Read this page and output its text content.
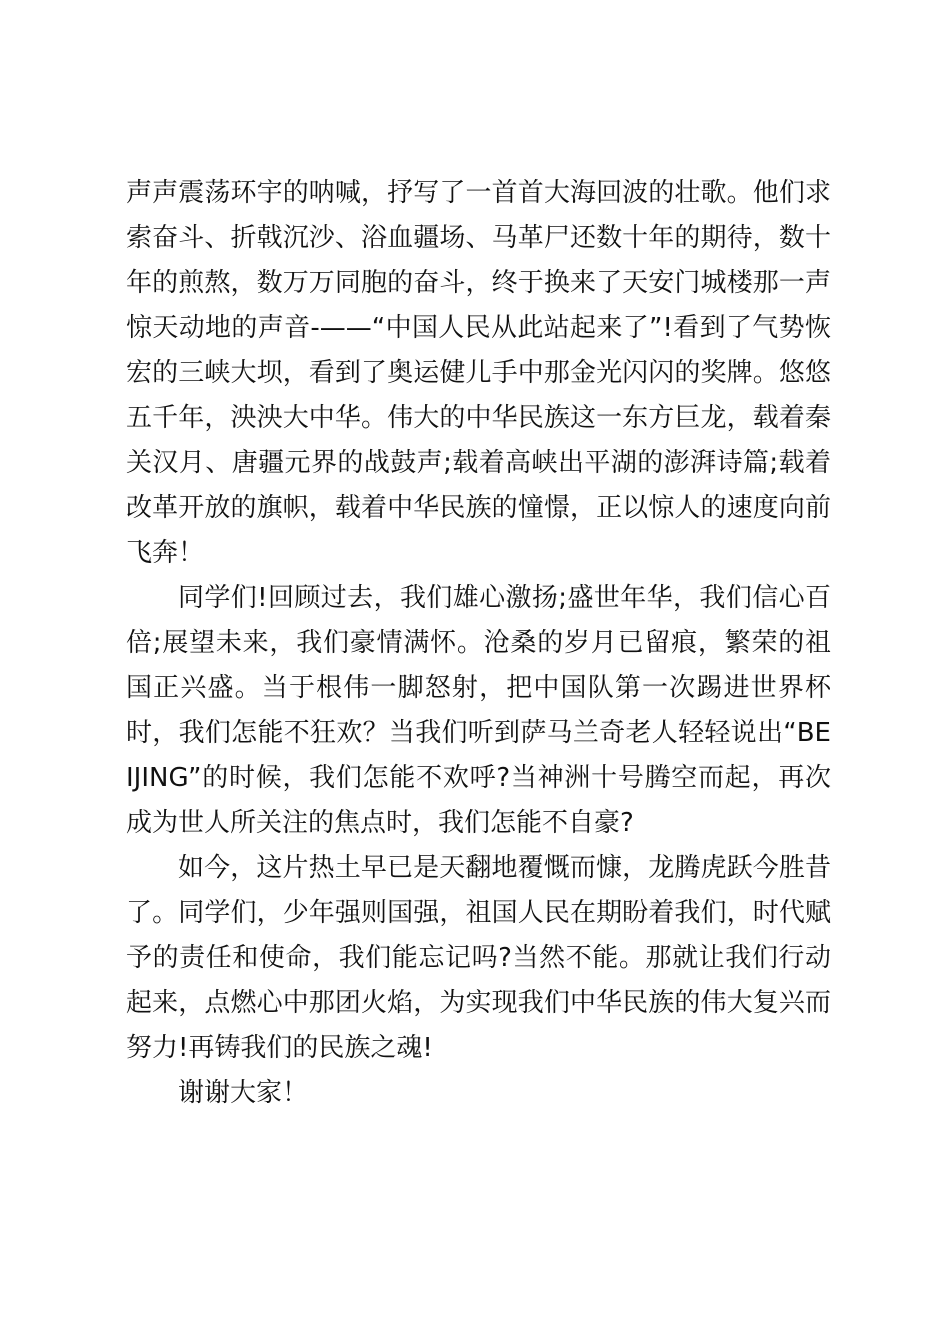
声声震荡环宇的呐喊，抒写了一首首大海回波的壮歌。他们求索奋斗、折戟沉沙、浴血疆场、马革尸还数十年的期待，数十年的煎熬，数万万同胞的奋斗，终于换来了天安门城楼那一声惊天动地的声音-——“中国人民从此站起来了”!看到了气势恢宏的三峡大坝，看到了奥运健儿手中那金光闪闪的奖牌。悠悠五千年，泱泱大中华。伟大的中华民族这一东方巨龙，载着秦关汉月、唐疆元界的战鼓声;载着高峡出平湖的澎湃诗篇;载着改革开放的旗帜，载着中华民族的憧憬，正以惊人的速度向前飞奔！

同学们!回顾过去，我们雄心激扬;盛世年华，我们信心百倍;展望未来，我们豪情满怀。沧桑的岁月已留痕，繁荣的祖国正兴盛。当于根伟一脚怒射，把中国队第一次踢进世界杯时，我们怎能不狂欢？当我们听到萨马兰奇老人轻轻说出“BEIJING”的时候，我们怎能不欢呼?当神洲十号腾空而起，再次成为世人所关注的焦点时，我们怎能不自豪?

如今，这片热土早已是天翻地覆慨而慷，龙腾虎跃今胜昔了。同学们，少年强则国强，祖国人民在期盼着我们，时代赋予的责任和使命，我们能忘记吗?当然不能。那就让我们行动起来，点燃心中那团火焰，为实现我们中华民族的伟大复兴而努力!再铸我们的民族之魂!

谢谢大家！
